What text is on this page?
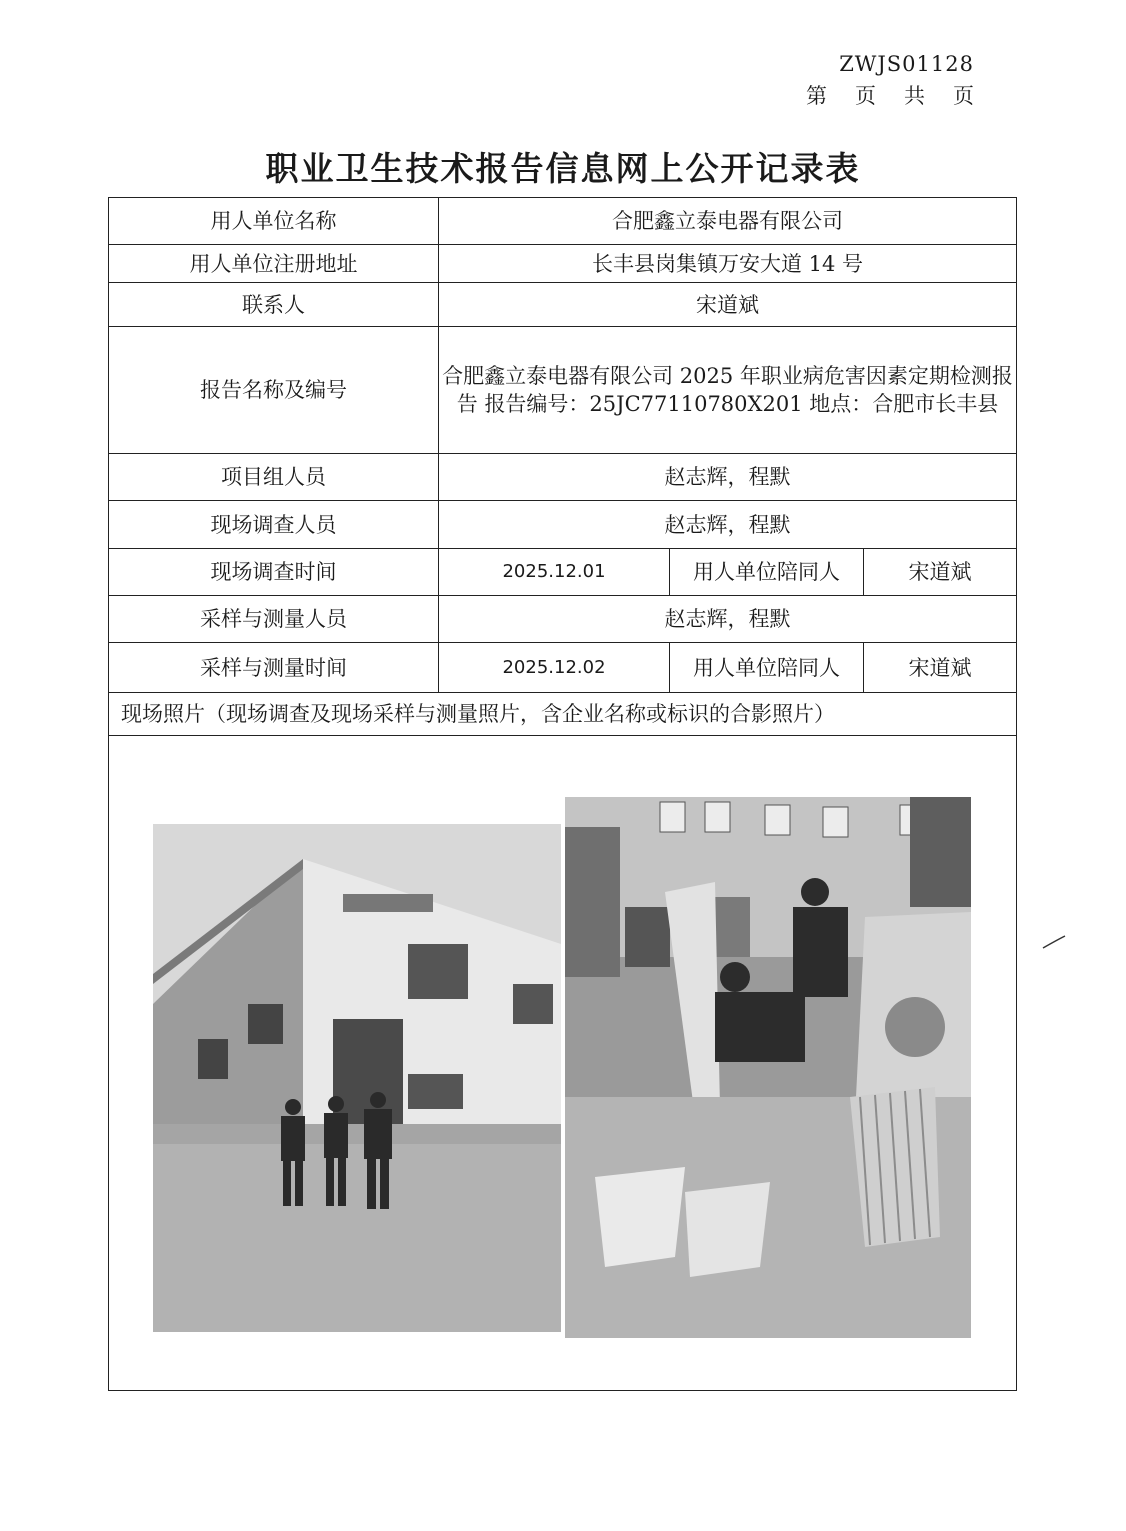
ZWJS01128
第 页 共 页
职业卫生技术报告信息网上公开记录表
用人单位名称	合肥鑫立泰电器有限公司		
用人单位注册地址	长丰县岗集镇万安大道 14 号		
联系人	宋道斌		
报告名称及编号	合肥鑫立泰电器有限公司 2025 年职业病危害因素定期检测报 告 报告编号：25JC77110780X201 地点：合肥市长丰县		
项目组人员	赵志辉，程默		
现场调查人员	赵志辉，程默		
现场调查时间	2025.12.01	用人单位陪同人	宋道斌
采样与测量人员	赵志辉，程默		
采样与测量时间	2025.12.02	用人单位陪同人	宋道斌
现场照片（现场调查及现场采样与测量照片，含企业名称或标识的合影照片）			
